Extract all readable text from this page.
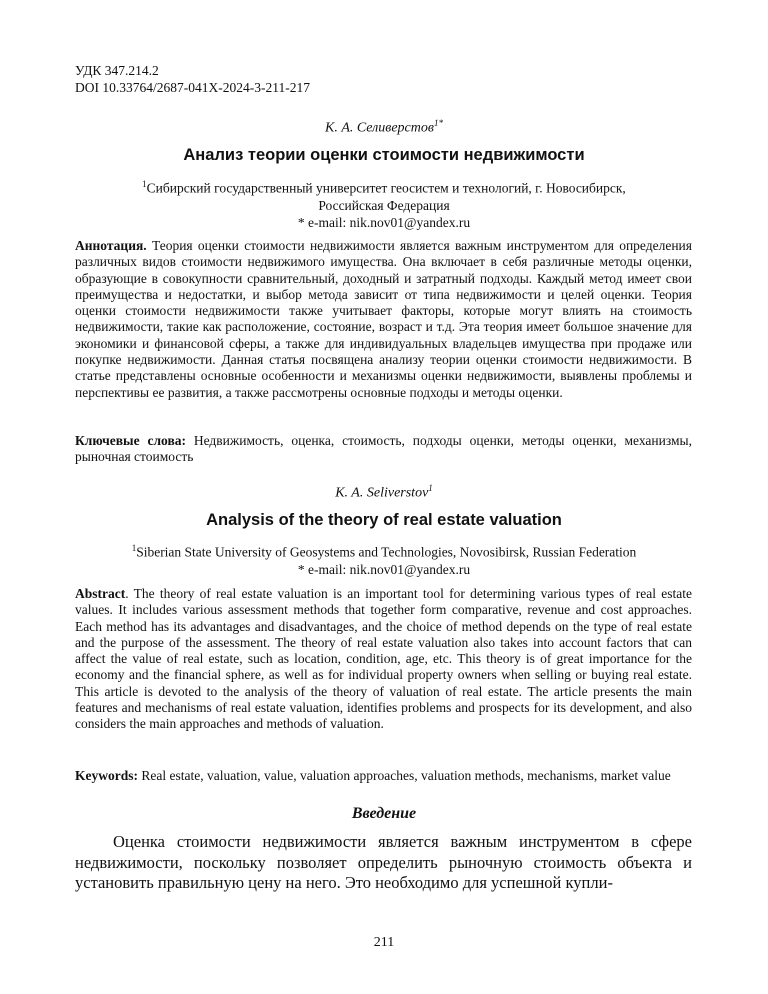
УДК 347.214.2
DOI 10.33764/2687-041X-2024-3-211-217
К. А. Селиверстов$^{1*}$
Анализ теории оценки стоимости недвижимости
$^1$Сибирский государственный университет геосистем и технологий, г. Новосибирск,
Российская Федерация
* e-mail: nik.nov01@yandex.ru
Аннотация. Теория оценки стоимости недвижимости является важным инструментом для определения различных видов стоимости недвижимого имущества. Она включает в себя различные методы оценки, образующие в совокупности сравнительный, доходный и затратный подходы. Каждый метод имеет свои преимущества и недостатки, и выбор метода зависит от типа недвижимости и целей оценки. Теория оценки стоимости недвижимости также учитывает факторы, которые могут влиять на стоимость недвижимости, такие как расположение, состояние, возраст и т.д. Эта теория имеет большое значение для экономики и финансовой сферы, а также для индивидуальных владельцев имущества при продаже или покупке недвижимости. Данная статья посвящена анализу теории оценки стоимости недвижимости. В статье представлены основные особенности и механизмы оценки недвижимости, выявлены проблемы и перспективы ее развития, а также рассмотрены основные подходы и методы оценки.
Ключевые слова: Недвижимость, оценка, стоимость, подходы оценки, методы оценки, механизмы, рыночная стоимость
K. A. Seliverstov$^1$
Analysis of the theory of real estate valuation
$^1$Siberian State University of Geosystems and Technologies, Novosibirsk, Russian Federation
* e-mail: nik.nov01@yandex.ru
Abstract. The theory of real estate valuation is an important tool for determining various types of real estate values. It includes various assessment methods that together form comparative, revenue and cost approaches. Each method has its advantages and disadvantages, and the choice of method depends on the type of real estate and the purpose of the assessment. The theory of real estate valuation also takes into account factors that can affect the value of real estate, such as location, condition, age, etc. This theory is of great importance for the economy and the financial sphere, as well as for individual property owners when selling or buying real estate. This article is devoted to the analysis of the theory of valuation of real estate. The article presents the main features and mechanisms of real estate valuation, identifies problems and prospects for its development, and also considers the main approaches and methods of valuation.
Keywords: Real estate, valuation, value, valuation approaches, valuation methods, mechanisms, market value
Введение
Оценка стоимости недвижимости является важным инструментом в сфере недвижимости, поскольку позволяет определить рыночную стоимость объекта и установить правильную цену на него. Это необходимо для успешной купли-
211
